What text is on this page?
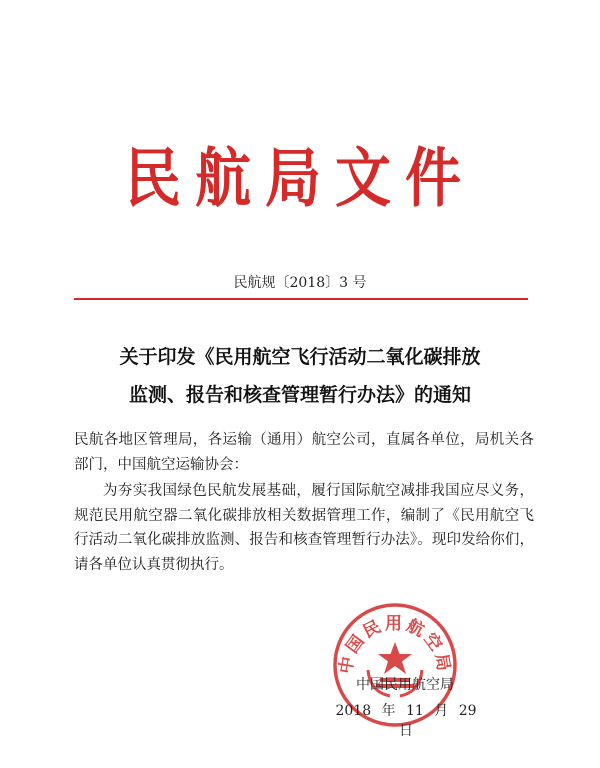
民航局文件
民航规〔2018〕3 号
关于印发《民用航空飞行活动二氧化碳排放
监测、报告和核查管理暂行办法》的通知

民航各地区管理局，各运输（通用）航空公司，直属各单位，局机关各部门，中国航空运输协会：

为夯实我国绿色民航发展基础，履行国际航空减排我国应尽义务，规范民用航空器二氧化碳排放相关数据管理工作，编制了《民用航空飞行活动二氧化碳排放监测、报告和核查管理暂行办法》。现印发给你们，请各单位认真贯彻执行。

中国民用航空局
中国民用航空局
2018 年 11 月 29 日
